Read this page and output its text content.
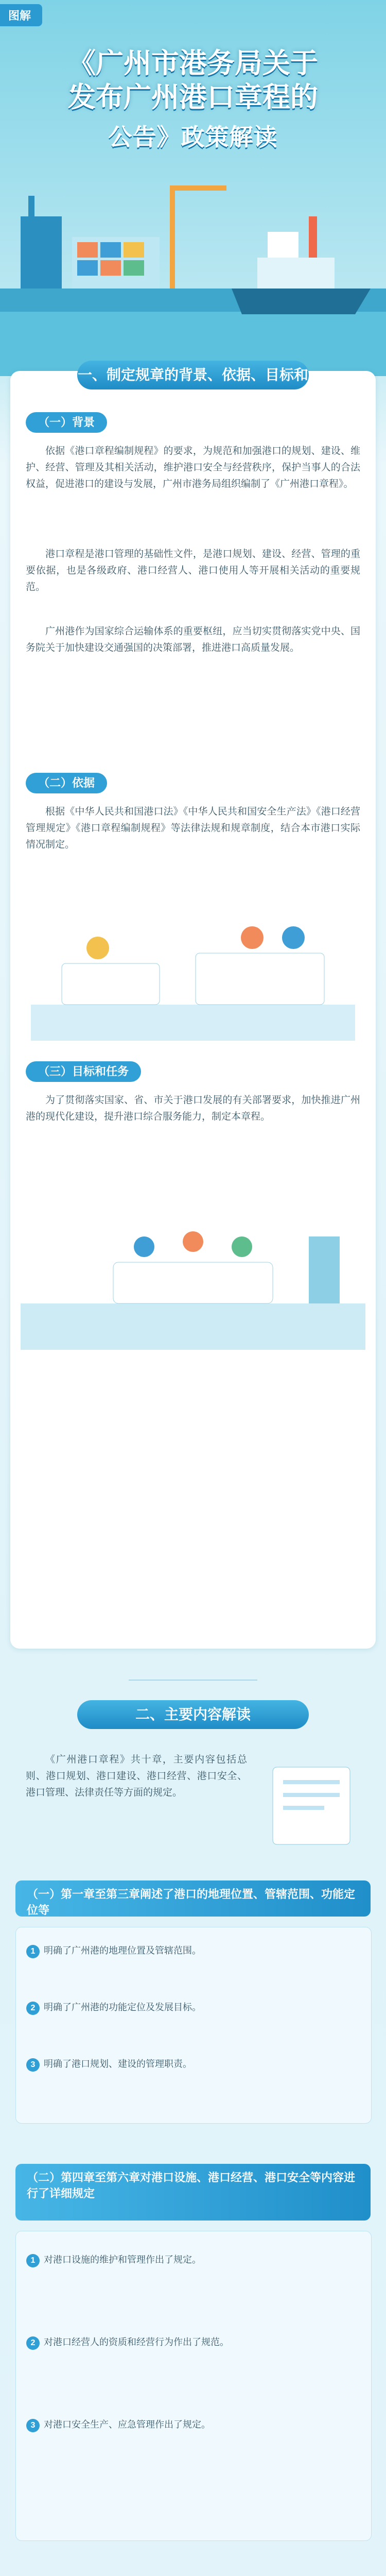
图解
《广州市港务局关于
发布广州港口章程的
公告》政策解读
一、制定规章的背景、依据、目标和任务
（一）背景
依据《港口章程编制规程》的要求，为规范和加强港口的规划、建设、维护、经营、管理及其相关活动，维护港口安全与经营秩序，保护当事人的合法权益，促进港口的建设与发展，广州市港务局组织编制了《广州港口章程》。
港口章程是港口管理的基础性文件，是港口规划、建设、经营、管理的重要依据，也是各级政府、港口经营人、港口使用人等开展相关活动的重要规范。
广州港作为国家综合运输体系的重要枢纽，应当切实贯彻落实党中央、国务院关于加快建设交通强国的决策部署，推进港口高质量发展。
（二）依据
根据《中华人民共和国港口法》《中华人民共和国安全生产法》《港口经营管理规定》《港口章程编制规程》等法律法规和规章制度，结合本市港口实际情况制定。
（三）目标和任务
为了贯彻落实国家、省、市关于港口发展的有关部署要求，加快推进广州港的现代化建设，提升港口综合服务能力，制定本章程。
二、主要内容解读
《广州港口章程》共十章，主要内容包括总则、港口规划、港口建设、港口经营、港口安全、港口管理、法律责任等方面的规定。
（一）第一章至第三章阐述了港口的地理位置、管辖范围、功能定位等
1 明确了广州港的地理位置及管辖范围。
2 明确了广州港的功能定位及发展目标。
3 明确了港口规划、建设的管理职责。
（二）第四章至第六章对港口设施、港口经营、港口安全等内容进行了详细规定
1 对港口设施的维护和管理作出了规定。
2 对港口经营人的资质和经营行为作出了规范。
3 对港口安全生产、应急管理作出了规定。
